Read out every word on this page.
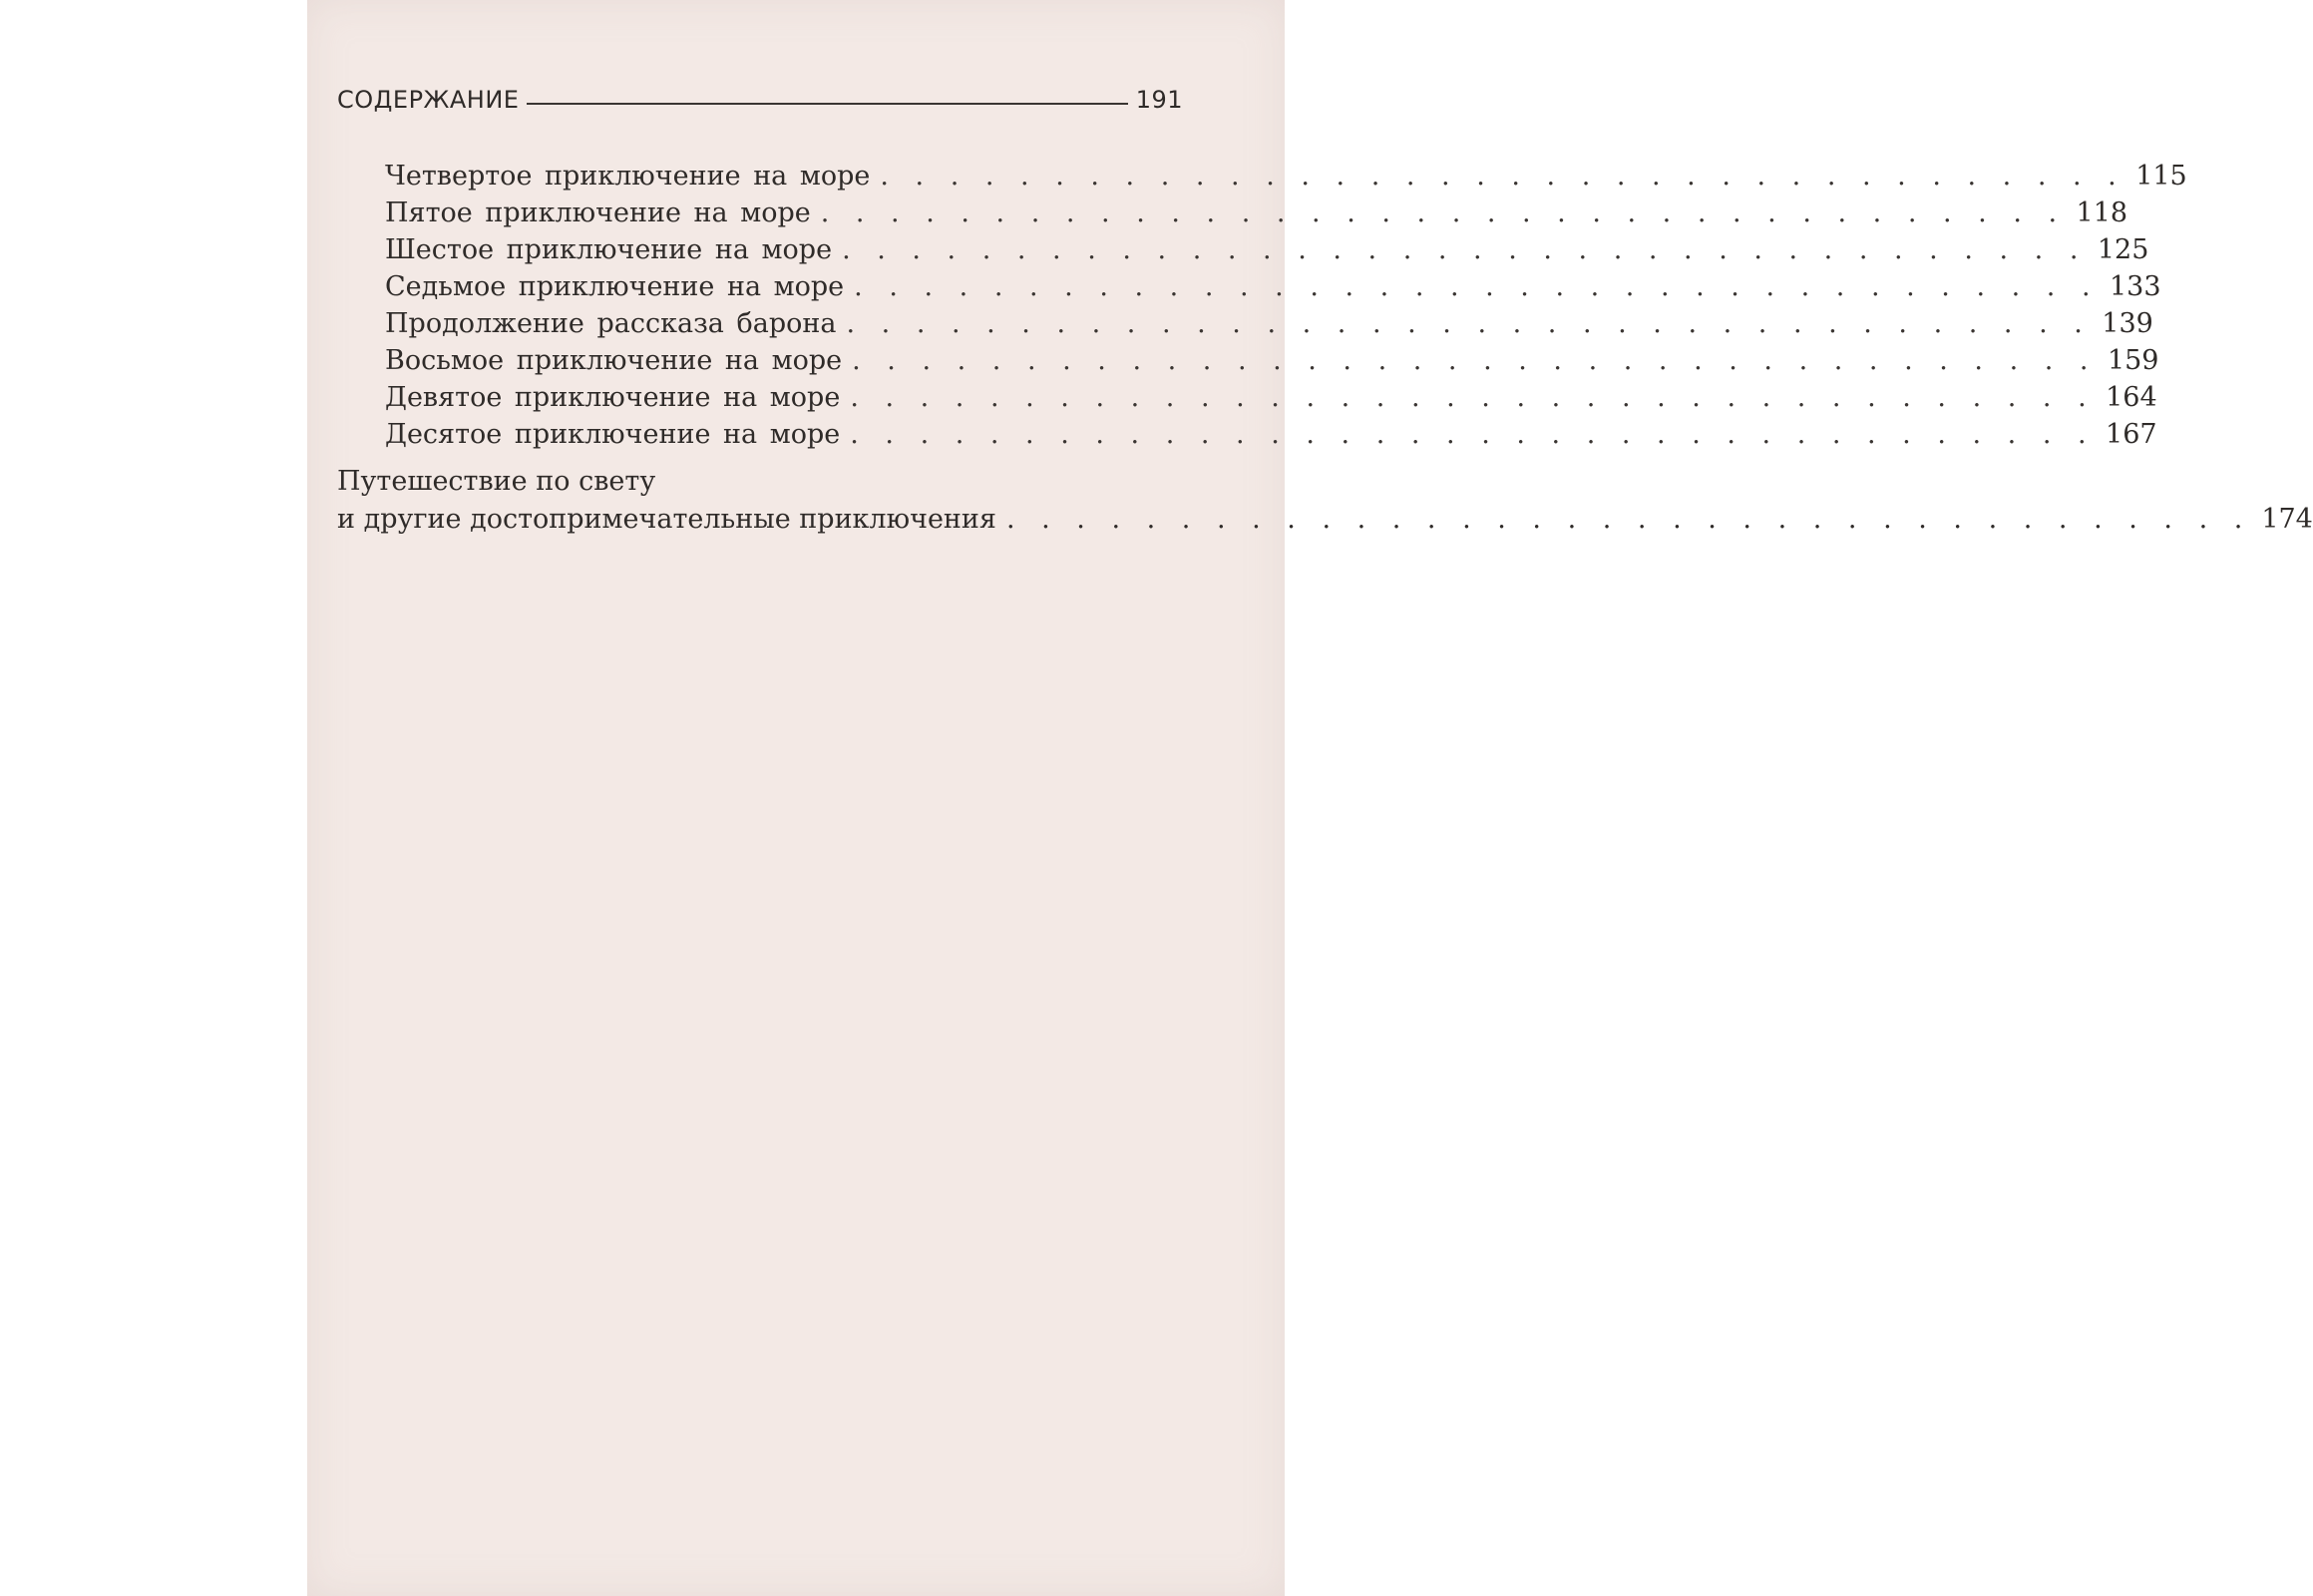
СОДЕРЖАНИЕ	191
Четвертое приключение на море . . . . . . . . . . . . . . . . . . . . . . . . . . . . . . . . . . . . 115
Пятое приключение на море . . . . . . . . . . . . . . . . . . . . . . . . . . . . . . . . . . . . 118
Шестое приключение на море . . . . . . . . . . . . . . . . . . . . . . . . . . . . . . . . . . . . 125
Седьмое приключение на море . . . . . . . . . . . . . . . . . . . . . . . . . . . . . . . . . . . . 133
Продолжение рассказа барона . . . . . . . . . . . . . . . . . . . . . . . . . . . . . . . . . . . . 139
Восьмое приключение на море . . . . . . . . . . . . . . . . . . . . . . . . . . . . . . . . . . . . 159
Девятое приключение на море . . . . . . . . . . . . . . . . . . . . . . . . . . . . . . . . . . . . 164
Десятое приключение на море . . . . . . . . . . . . . . . . . . . . . . . . . . . . . . . . . . . . 167
Путешествие по свету
и другие достопримечательные приключения . . . . . . . . . . . . . . . . . . . . . . . . . . . . . . . . . . . . 174
